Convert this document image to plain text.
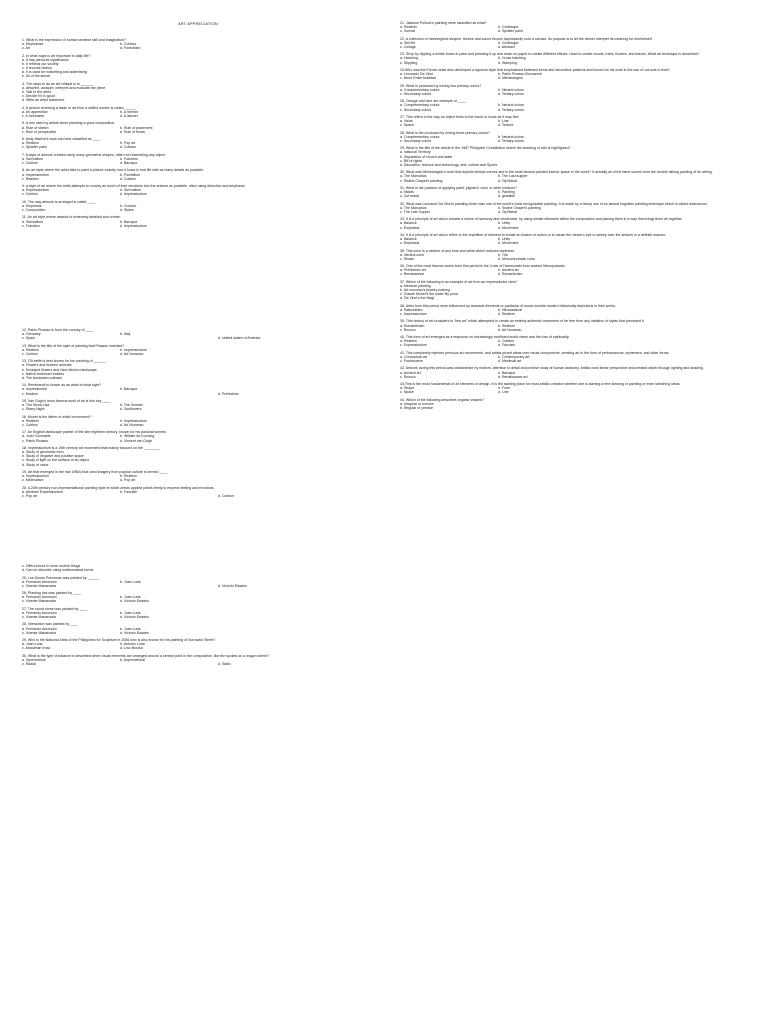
ART APPRECIATION

1. What is the expression of human creative skill and imagination?

a. Emphasize	b. Contour
c. Art	d. Formalism

2. In what ways is art important in daily life?

a. It has personal significance

b. It reflects our society

c. It records history

d. It is used for marketing and advertising

e. All of the above

3. The ways to do an art critique is to ______

a. describe, analyze, interpret and evaluate the piece

b. Talk to the artist

c. Decide if it is good

d. Write an artist statement

4. A person receiving a trade or art from a skilled worker is called ______

a. An apprentice	b. A mentor
c. A forecaster	d. A laborer

5. A rule used by artists when planning a good composition.

a. Rule of sketch	b. Rule of placement
c. Rule of perspective	d. Rule of thirds

6. Andy Warhol's work can best classified as ____

a. Realism	b. Pop art
c. Splatter paint	d. Cubism

7. A style of artwork created using many geometric shapes, often not resembling any object.

a. Surrealism	b. Futurism
c. Cubism	d. Baroque

8. An art style where the artist tries to paint a picture exactly how it looks in real life with as many details as possible.

a. Impressionism	b. Pointillism
c. Realism	d. Cubism

9. a style of art where the artist attempts to convey as much of their emotions into the artwork as possible, often using distortion and emphasis.

a. Expressionism	b. Surrealism
c. Cubism	d. Impressionism

10. The way artwork is arranged is called ____

a. Emphasis	b. Contour
c. Composition	d. Styles

11. An art style where artwork is extremely detailed and ornate.

a. Surrealism	b. Baroque
c. Futurism	d. Impressionism

12. Pablo Picasso is from the country of ____

a. Germany	b. Italy
c. Spain	d. United states of America

13. What is the title of the style of painting that Picasso invented?

a. Realism	b. Impressionism
c. Cubism	d. Art Nouveau

13. O'Keeffe is best known for her painting of ______

a. Flowers and modern animals

b. Enlarged flowers and New Mexico landscape

c. Native American Indians

d. The Australian outback

14. Rembrandt is known as an artist of what style?

a. Impressionist	b. Baroque
c. Modern	d. Prehistoric

15. Van Gogh's most famous work of art is this key ____

a. The Mona Lisa	b. The Scream
c. Starry Night	d. Sunflowers

16. Monet is the father of which movement?

a. Realism	b. Impressionism
c. Cubism	d. Art Nouveau

17. An English landscape painter of the late eighteen century, known for his pastoral scenes

a. John Constable	b. William de Kooning
c. Pablo Picasso	d. Vincent van Gogh

18. Impressionism is a 19th century art movement that mainly focused on the ________

a. Study of geometric form

b. Study of negative and positive space

c. Study of light on the surface of an object

d. Study of value

19. Art that emerged in the mid 1950s that used imagery from popular culture is termed ____

a. Impressionism	b. Realism
c. Minimalism	d. Pop art

20. A 20th century non-representational painting style in which artists applied paints freely to express feeling and emotions.

a. Abstract Expressionism	b. Fauvism
c. Pop art	d. Cubism

c. Offers found in more routine things

d. Can be describe using mathematical forms

25. Los Dones Perezmas was painted by ______

a. Fernando Amorsolo	b. Juan Luna
c. Vicente Manansala	d. Victorio Edades

26. Planting rice was painted by ____

a. Fernando Amorsolo	b. Juan Luna
c. Vicente Manansala	d. Victorio Edades

27. The round stone was painted by ____

a. Fernando Amorsolo	b. Juan Luna
c. Vicente Manansala	d. Victorio Edades

28. Interaction was painted by ____

a. Fernando Amorsolo	b. Juan Luna
c. Vicente Manansala	d. Victorio Edades

29. Who is the National Artist of the Philippines for Sculpture in 2006 who is also known for his painting of Sorrowful Street?

a. Juan Luna	b. Antonio Luna
c. Abdulmari Imao	d. Lino Brocka

30. What is the type of balance in described when visual elements are arranged around a central point in the composition, like the spokes on a wagon wheel?

a. Symmetrical	b. Asymmetrical
c. Radial	d. Static

21. Jackson Pollock's painting were classified as what?

a. Realism	b. Grotesque
c. Surreal	d. Splatter paint

22. A collection of meaningless shapes, texture and colors thrown haphazardly onto a canvas. Its purpose is to let the viewer interpret its meaning for him/herself.

a. Still life	b. Grotesque
c. Collage	d. Abstract

23. Shop by dipping a bristle brush in paint and pressing it up and down on paper to create different effects. Used to create clouds, trees, flowers, and leaves. What art technique is described?

a. Hatching	b. Cross hatching
c. Stippling	d. Stamping

24.Who was the French artist who developed a rigorous style that emphasized flattened forms and decorative patterns and known for his work in the use of cut-outs in fluid?

a. Leonardo Da Vinci	b. Pablo Picasso Buonarroti
c. Henri Emile Mattisse	d. Michelangelo

25. What is produced by mixing two primary colors?

a. Complementary colors	b. Neutral colors
c. Secondary colors	d. Tertiary colors

26. Orange and blue are example of ____

a. Complementary colors	b. Neutral colors
c. Secondary colors	d. Tertiary colors

27. This refers to the way an object feels to the touch or looks as it may feel.

a. Value	b. Line
c. Space	d. Texture

28. What is the produced by mixing three primary colors?

a. Complementary colors	b. Neutral colors
c. Secondary colors	d. Tertiary colors

29. What is the title of the article in the 1987 Philippine Constitution where the teaching of arts is highlighted?

a. National Territory

b. Separation of church and state

c. Bill of rights

d. Education, science and technology, arts, culture and Sports

30. What was Michelangelo's work that depicts biblical scenes and is the most famous painted interior space in the world? It actually all of the fame comes from the trouble talking painting of its ceiling.

a. The Marcarius	b. The Last supper
c. Sistine Chapel's painting	d. Taj Mahal

31. What is the practice of applying paint, pigment, color or other medium?

a. Malvis	b. Painting
c. Cut reads	d. glosable

32. What was Leonardo Da Vinci's painting which was one of the world's most recognizable painting. It is made by a heavy use of an almost forgotten painting technique which is called chiaroscuro.

a. The Marcarius	b. Sistine Chapel's painting
c. The Last Supper	d. Taj Mahal

33. It is a principle of art which creates a sense of harmony and wholeness, by using similar elements within the composition and placing them in a way that brings them all together.

a. Balance	b. Unity
c. Emphasis	d. Movement

34. It is a principle of art which refers to the repetition of element to create an illusion of action or to cause the viewer's eye to sweep over the artwork in a definite manner.

a. Balance	b. Unity
c. Emphasis	d. Movement

35. This color is a mixture of any blue and white which reduces darkness.

a. Neutral color	b. Tint
c. Shade	d. Monochromatic color

36. One of the most famous works from this period is the Code of Hammurabi from ancient Mesopotamia.

a. Prehistoric art	b. Ancient art
c. Renaissance	d. Romanticism

37. Which of the following is an example of art from an impressionist view?

a. Mexican painting

b. Art nouveau's jewelry making

c. Claude Monet's the water lily pond

d. Da Vinci's the Magi

38. Artist from this period were influenced by classical elements or particular of music include modern historically depictions in their works.

a. Rationalism	b. Neoclassical
c. Impressionism	d. Realism

39. This history of art considers to "few art" which attempted to create an entirely authentic movement of be free from any imitation of styles that preceded it.

a. Romanticism	b. Realism
c. Rococo	d. Art Nouveau

40. This form of art emerged as a response on increasingly conflicted world views and the loss of spirituality.

a. Realism	b. Cubism
c. Expressionism	d. Fauvism

41. This completely rejected previous art movements, and artists prized ideas over visual components, creating art in the form of performances, ephemera, and other forms.

a. Conceptual art	b. Contemporary art
c. Postmodern	d. Medieval art

42. Artwork during this period was characterize by realism, attention to detail and precise study of human anatomy. Artists used linear perspective and created depth through lighting and shading.

a. Ancient art	b. Baroque
c. Rococo	d. Renaissance art

43.This is the most fundamental of all elements of design. It is the starting place for most artistic creation whether one is starting a free drawing or painting or even sketching ideas.

a. Shape	b. Form
c. Space	d. Line

44. Which of the following describes organic shapes?

a. Irregular or uneven

b. Regular or precise
